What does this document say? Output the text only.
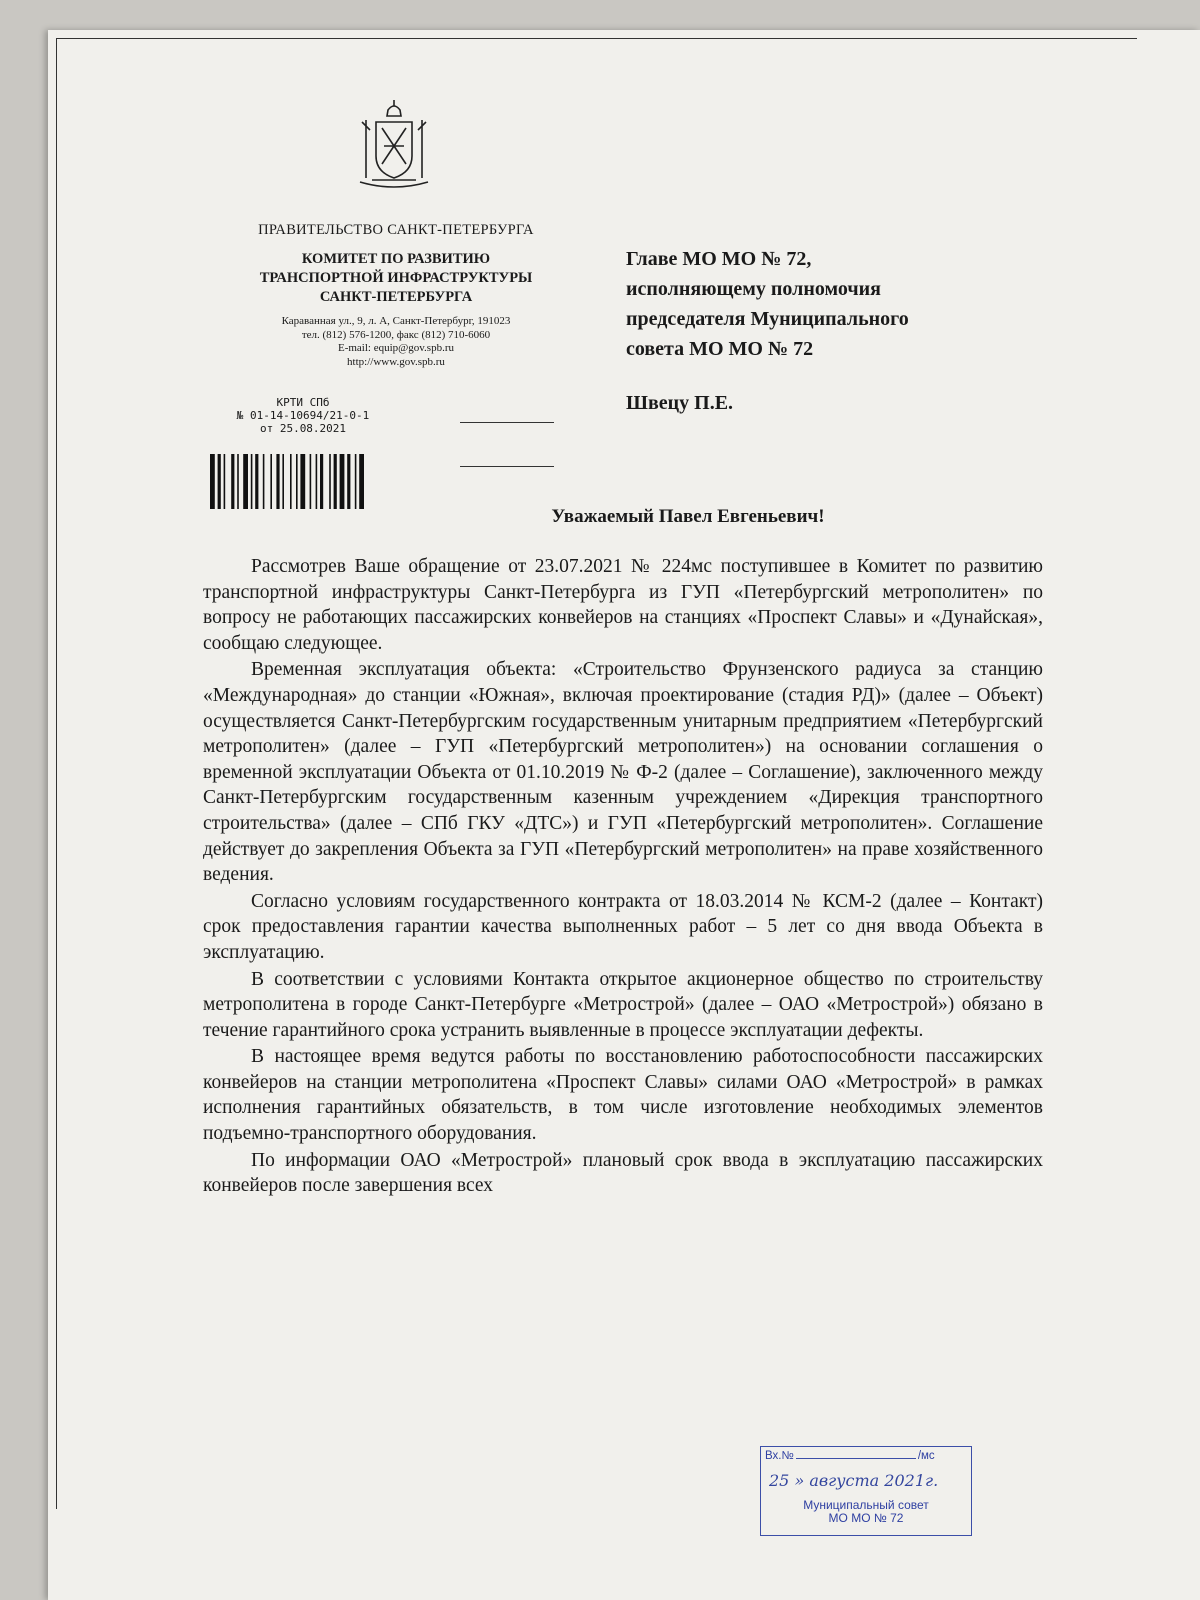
ПРАВИТЕЛЬСТВО САНКТ-ПЕТЕРБУРГА
КОМИТЕТ ПО РАЗВИТИЮ
ТРАНСПОРТНОЙ ИНФРАСТРУКТУРЫ
САНКТ-ПЕТЕРБУРГА
Караванная ул., 9, л. А, Санкт-Петербург, 191023
тел. (812) 576-1200, факс (812) 710-6060
E-mail: equip@gov.spb.ru
http://www.gov.spb.ru
КРТИ СПб
№ 01-14-10694/21-0-1
от 25.08.2021
Главе МО МО № 72,
исполняющему полномочия
председателя Муниципального
совета МО МО № 72
Швецу П.Е.
Уважаемый Павел Евгеньевич!

Рассмотрев Ваше обращение от 23.07.2021 № 224мс поступившее в Комитет по развитию транспортной инфраструктуры Санкт-Петербурга из ГУП «Петербургский метрополитен» по вопросу не работающих пассажирских конвейеров на станциях «Проспект Славы» и «Дунайская», сообщаю следующее.

Временная эксплуатация объекта: «Строительство Фрунзенского радиуса за станцию «Международная» до станции «Южная», включая проектирование (стадия РД)» (далее – Объект) осуществляется Санкт-Петербургским государственным унитарным предприятием «Петербургский метрополитен» (далее – ГУП «Петербургский метрополитен») на основании соглашения о временной эксплуатации Объекта от 01.10.2019 № Ф-2 (далее – Соглашение), заключенного между Санкт-Петербургским государственным казенным учреждением «Дирекция транспортного строительства» (далее – СПб ГКУ «ДТС») и ГУП «Петербургский метрополитен». Соглашение действует до закрепления Объекта за ГУП «Петербургский метрополитен» на праве хозяйственного ведения.

Согласно условиям государственного контракта от 18.03.2014 № КСМ-2 (далее – Контакт) срок предоставления гарантии качества выполненных работ – 5 лет со дня ввода Объекта в эксплуатацию.

В соответствии с условиями Контакта открытое акционерное общество по строительству метрополитена в городе Санкт-Петербурге «Метрострой» (далее – ОАО «Метрострой») обязано в течение гарантийного срока устранить выявленные в процессе эксплуатации дефекты.

В настоящее время ведутся работы по восстановлению работоспособности пассажирских конвейеров на станции метрополитена «Проспект Славы» силами ОАО «Метрострой» в рамках исполнения гарантийных обязательств, в том числе изготовление необходимых элементов подъемно-транспортного оборудования.

По информации ОАО «Метрострой» плановый срок ввода в эксплуатацию пассажирских конвейеров после завершения всех

Вх.№	/мс
25 » августа 2021г.
Муниципальный совет
МО МО № 72
